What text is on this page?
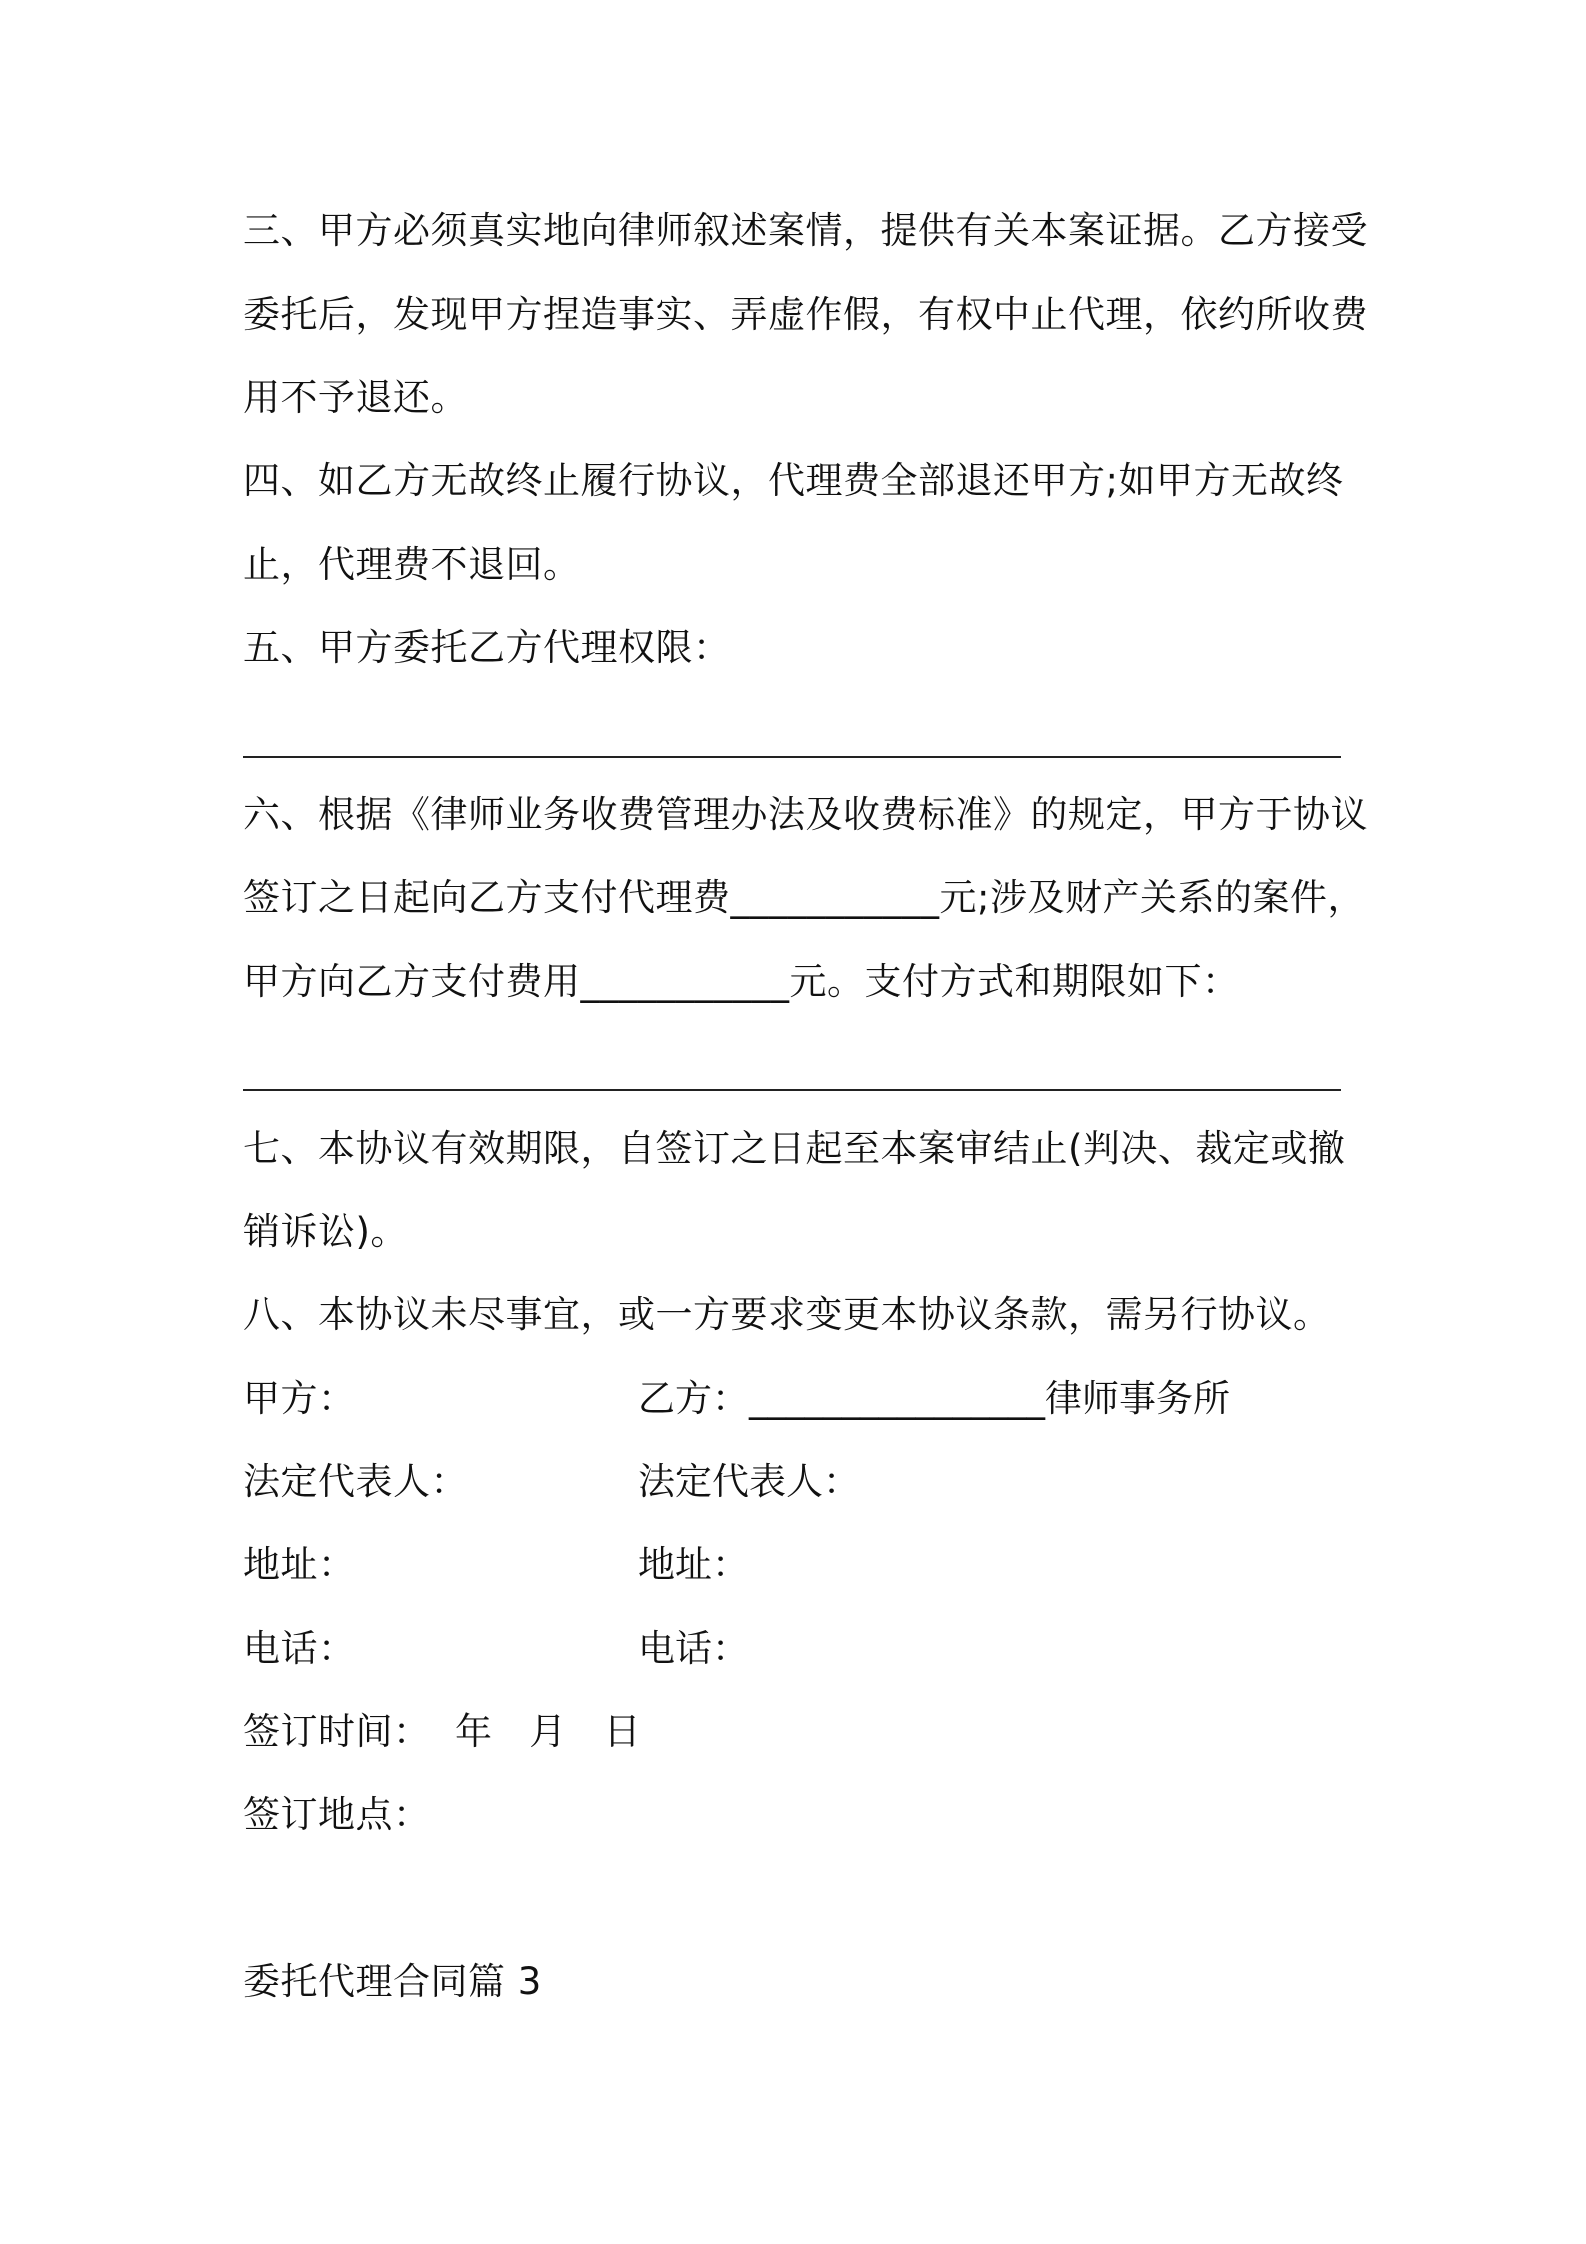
三、甲方必须真实地向律师叙述案情，提供有关本案证据。乙方接受
委托后，发现甲方捏造事实、弄虚作假，有权中止代理，依约所收费
用不予退还。
四、如乙方无故终止履行协议，代理费全部退还甲方;如甲方无故终
止，代理费不退回。
五、甲方委托乙方代理权限：
六、根据《律师业务收费管理办法及收费标准》的规定，甲方于协议
签订之日起向乙方支付代理费___________元;涉及财产关系的案件，
甲方向乙方支付费用___________元。支付方式和期限如下：
七、本协议有效期限，自签订之日起至本案审结止(判决、裁定或撤
销诉讼)。
八、本协议未尽事宜，或一方要求变更本协议条款，需另行协议。
甲方：	乙方：________________律师事务所
法定代表人：	法定代表人：
地址：	地址：
电话：	电话：
签订时间：  年   月   日
签订地点：
委托代理合同篇 3
